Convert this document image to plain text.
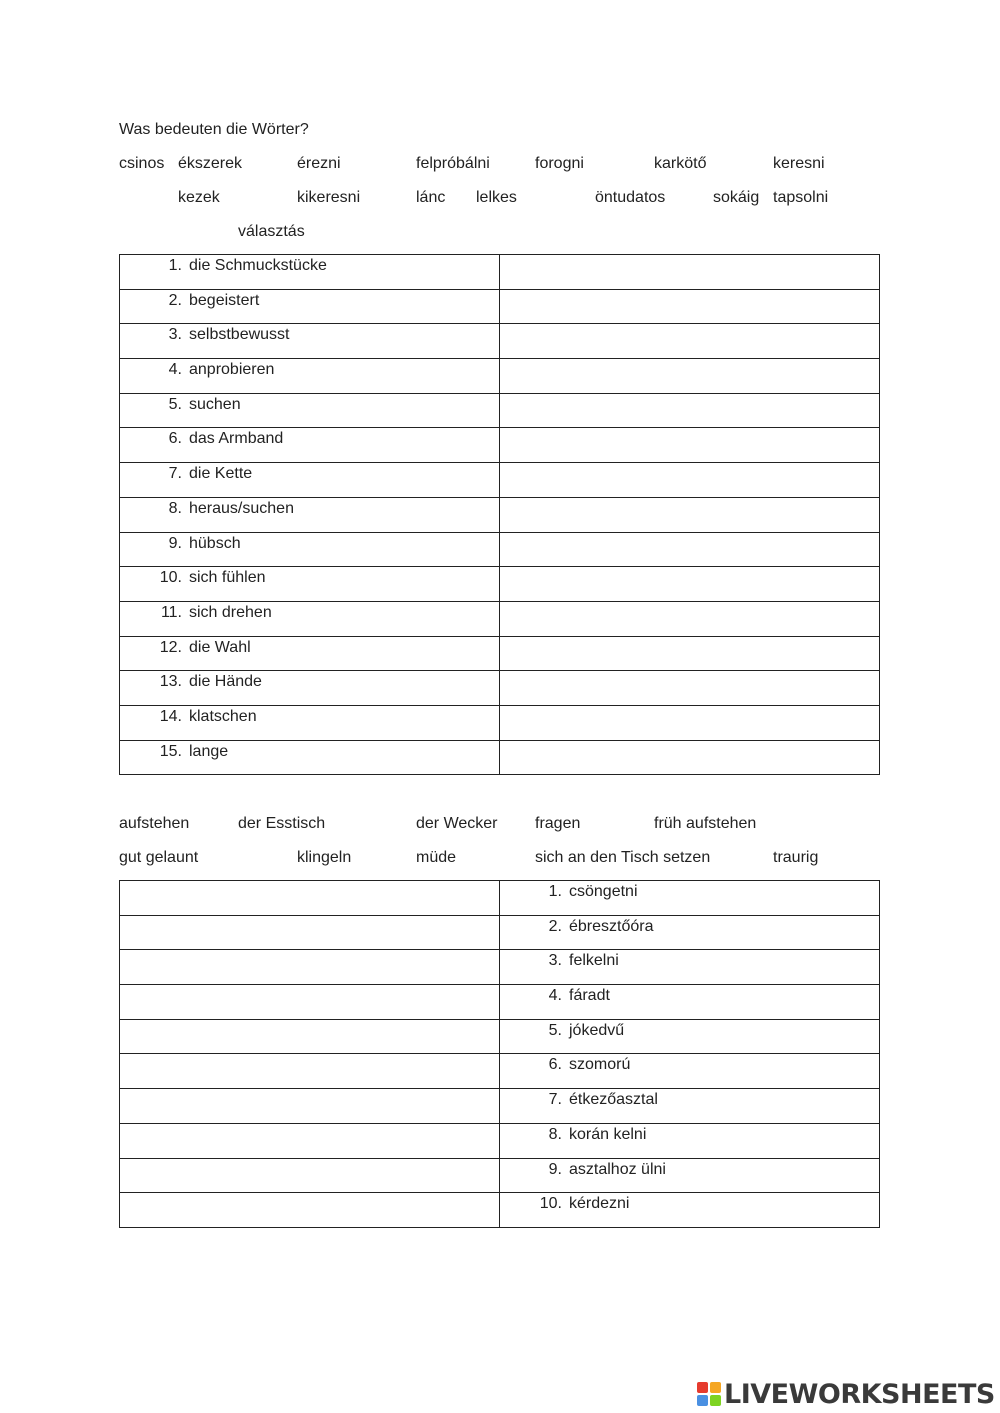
Was bedeuten die Wörter?
csinos ékszerek	érezni	felpróbálni	forogni	karkötő	keresni
kezek	kikeresni	lánc lelkes	öntudatos	sokáig tapsolni
választás
1. die Schmuckstücke	

2. begeistert	

3. selbstbewusst	

4. anprobieren	

5. suchen	

6. das Armband	

7. die Kette	

8. heraus/suchen	

9. hübsch	

10. sich fühlen	

11. sich drehen	

12. die Wahl	

13. die Hände	

14. klatschen	

15. lange	

aufstehen	der Esstisch	der Wecker fragen	früh aufstehen
gut gelaunt	klingeln	müde	sich an den Tisch setzen	traurig

	1. csöngetni

	2. ébresztőóra

	3. felkelni

	4. fáradt

	5. jókedvű

	6. szomorú

	7. étkezőasztal

	8. korán kelni

	9. asztalhoz ülni

	10. kérdezni
LIVEWORKSHEETS
